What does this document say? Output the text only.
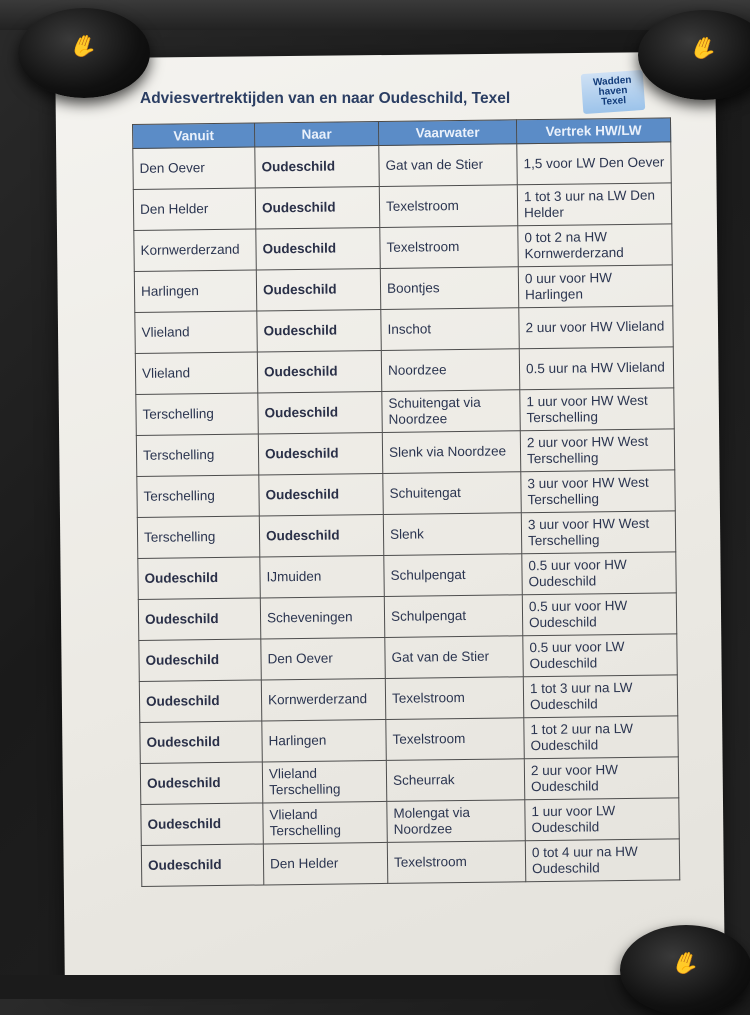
Adviesvertrektijden van en naar Oudeschild, Texel
Wadden
haven
Texel
Vanuit	Naar	Vaarwater	Vertrek HW/LW
Den Oever	Oudeschild	Gat van de Stier	1,5 voor LW Den Oever
Den Helder	Oudeschild	Texelstroom	1 tot 3 uur na LW Den Helder
Kornwerderzand	Oudeschild	Texelstroom	0 tot 2 na HW Kornwerderzand
Harlingen	Oudeschild	Boontjes	0 uur voor HW Harlingen
Vlieland	Oudeschild	Inschot	2 uur voor HW Vlieland
Vlieland	Oudeschild	Noordzee	0.5 uur na HW Vlieland
Terschelling	Oudeschild	Schuitengat via Noordzee	1 uur voor HW West Terschelling
Terschelling	Oudeschild	Slenk via Noordzee	2 uur voor HW West Terschelling
Terschelling	Oudeschild	Schuitengat	3 uur voor HW West Terschelling
Terschelling	Oudeschild	Slenk	3 uur voor HW West Terschelling
Oudeschild	IJmuiden	Schulpengat	0.5 uur voor HW Oudeschild
Oudeschild	Scheveningen	Schulpengat	0.5 uur voor HW Oudeschild
Oudeschild	Den Oever	Gat van de Stier	0.5 uur voor LW Oudeschild
Oudeschild	Kornwerderzand	Texelstroom	1 tot 3 uur na LW Oudeschild
Oudeschild	Harlingen	Texelstroom	1 tot 2 uur na LW Oudeschild
Oudeschild	Vlieland Terschelling	Scheurrak	2 uur voor HW Oudeschild
Oudeschild	Vlieland Terschelling	Molengat via Noordzee	1 uur voor LW Oudeschild
Oudeschild	Den Helder	Texelstroom	0 tot 4 uur na HW Oudeschild
✋	✋
✋
